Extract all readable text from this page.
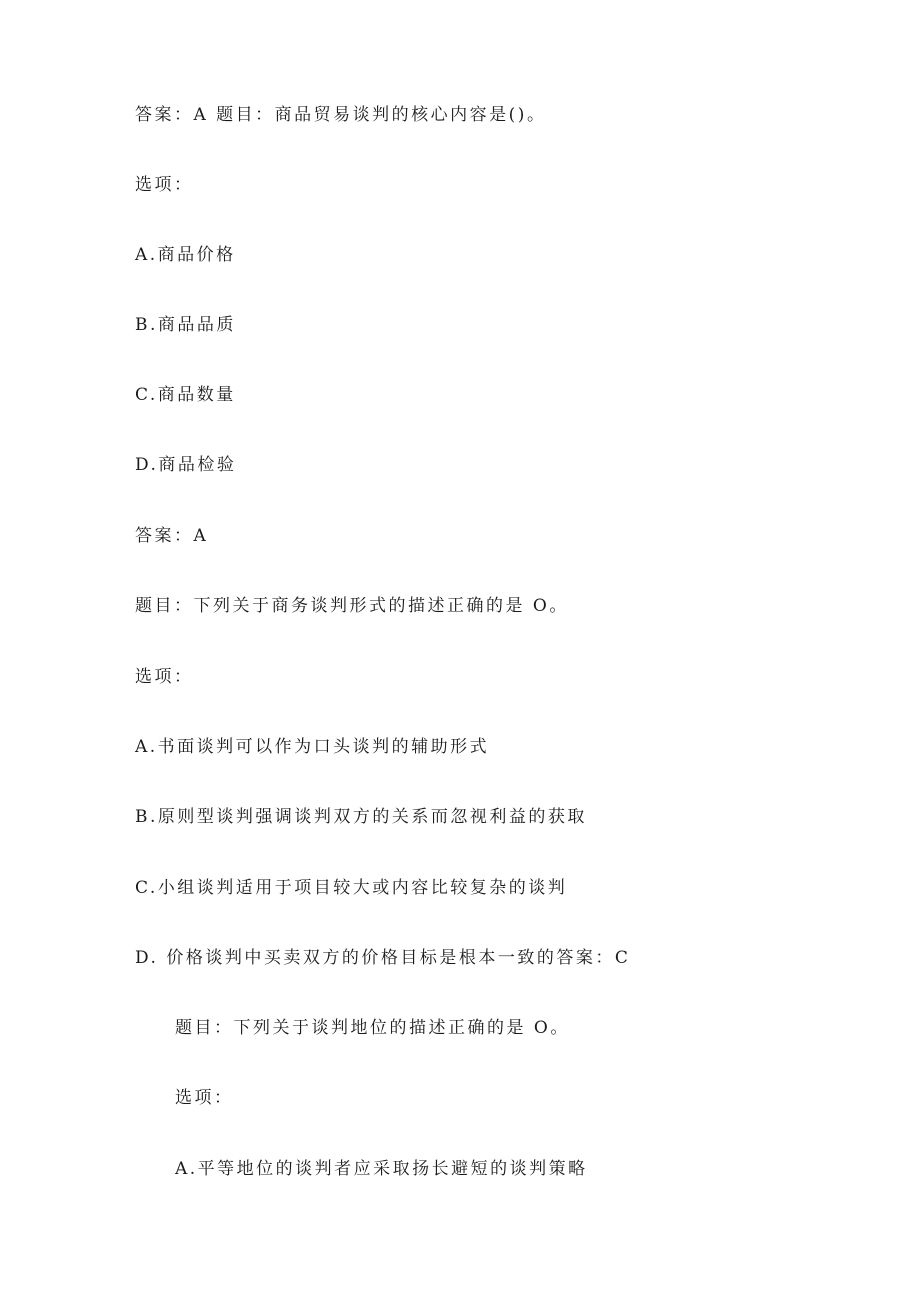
答案：A 题目：商品贸易谈判的核心内容是()。

选项：

A.商品价格

B.商品品质

C.商品数量

D.商品检验

答案：A

题目：下列关于商务谈判形式的描述正确的是 O。

选项：

A.书面谈判可以作为口头谈判的辅助形式

B.原则型谈判强调谈判双方的关系而忽视利益的获取

C.小组谈判适用于项目较大或内容比较复杂的谈判

D. 价格谈判中买卖双方的价格目标是根本一致的答案：C

题目：下列关于谈判地位的描述正确的是 O。

选项：

A.平等地位的谈判者应采取扬长避短的谈判策略
